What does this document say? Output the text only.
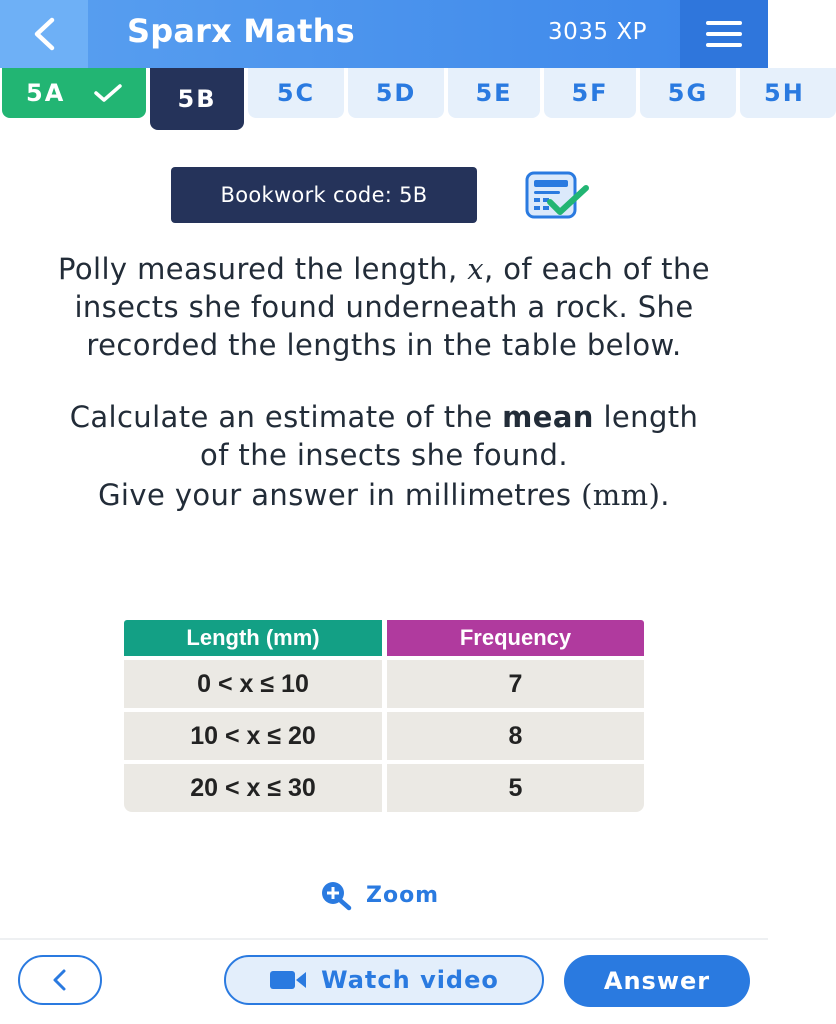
Sparx Maths	3035 XP
5A	5B	5C	5D 5E 5F 5G 5H
Bookwork code: 5B

Polly measured the length, x, of each of the insects she found underneath a rock. She recorded the lengths in the table below.

Calculate an estimate of the mean length of the insects she found.

Give your answer in millimetres (mm).

Length (mm)	Frequency
0 < x ≤ 10	7
10 < x ≤ 20	8
20 < x ≤ 30	5
Zoom
Watch video	Answer
